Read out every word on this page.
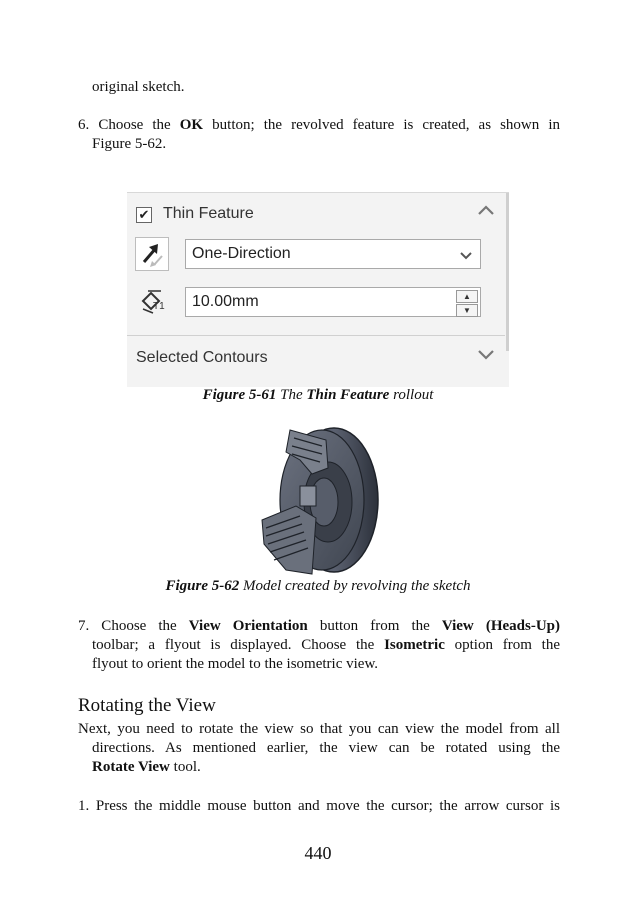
original sketch.
6. Choose the OK button; the revolved feature is created, as shown in
Figure 5-62.
✔ Thin Feature
One-Direction
T1	10.00mm	▲
▼
Selected Contours
Figure 5-61 The Thin Feature rollout
Figure 5-62 Model created by revolving the sketch
7. Choose the View Orientation button from the View (Heads-Up)
toolbar; a flyout is displayed. Choose the Isometric option from the
flyout to orient the model to the isometric view.
Rotating the View
Next, you need to rotate the view so that you can view the model from all
directions. As mentioned earlier, the view can be rotated using the
Rotate View tool.
1. Press the middle mouse button and move the cursor; the arrow cursor is
440
